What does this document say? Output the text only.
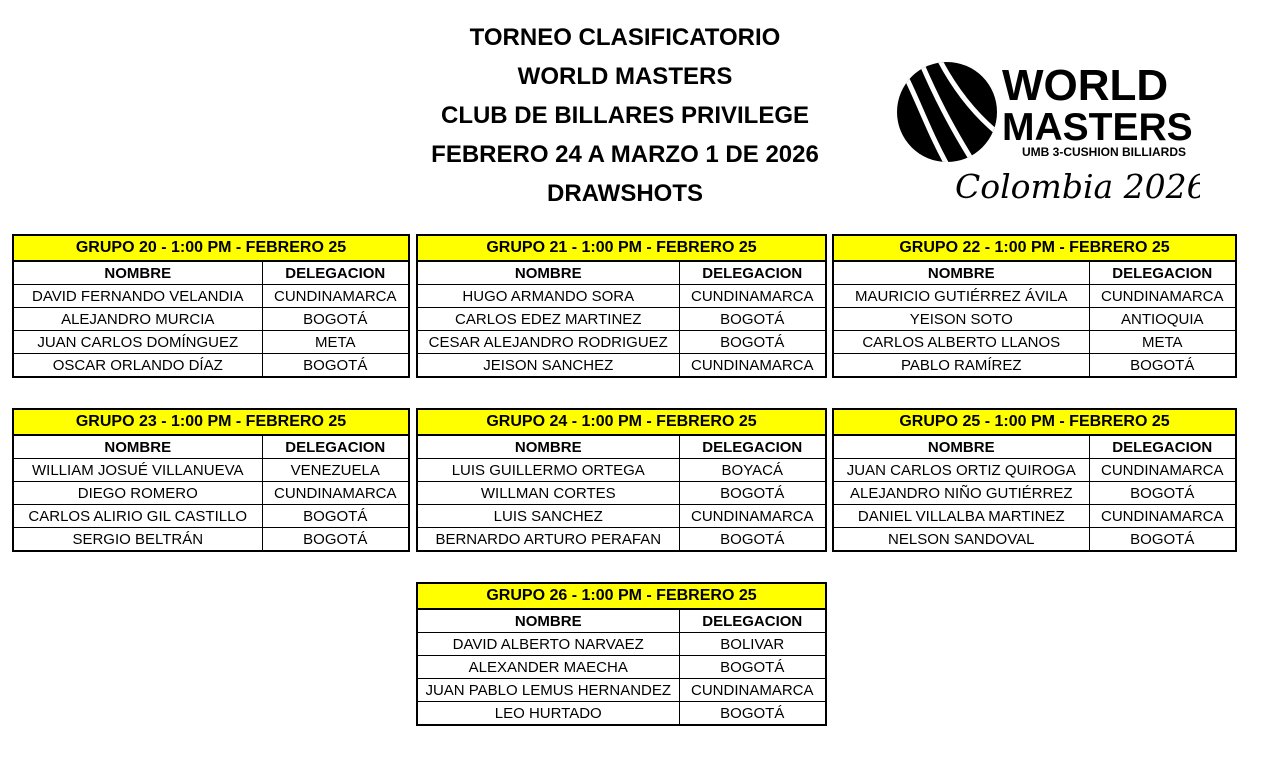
TORNEO CLASIFICATORIO
WORLD MASTERS
CLUB DE BILLARES PRIVILEGE
FEBRERO 24 A MARZO 1 DE 2026
DRAWSHOTS
WORLD
MASTERS
UMB 3-CUSHION BILLIARDS
Colombia 2026
GRUPO 20 - 1:00 PM - FEBRERO 25	
NOMBRE	DELEGACION
DAVID FERNANDO VELANDIA	CUNDINAMARCA
ALEJANDRO MURCIA	BOGOTÁ
JUAN CARLOS DOMÍNGUEZ	META
OSCAR ORLANDO DÍAZ	BOGOTÁ
GRUPO 21 - 1:00 PM - FEBRERO 25	
NOMBRE	DELEGACION
HUGO ARMANDO SORA	CUNDINAMARCA
CARLOS EDEZ MARTINEZ	BOGOTÁ
CESAR ALEJANDRO RODRIGUEZ	BOGOTÁ
JEISON SANCHEZ	CUNDINAMARCA
GRUPO 22 - 1:00 PM - FEBRERO 25	
NOMBRE	DELEGACION
MAURICIO GUTIÉRREZ ÁVILA	CUNDINAMARCA
YEISON SOTO	ANTIOQUIA
CARLOS ALBERTO LLANOS	META
PABLO RAMÍREZ	BOGOTÁ
GRUPO 23 - 1:00 PM - FEBRERO 25	
NOMBRE	DELEGACION
WILLIAM JOSUÉ VILLANUEVA	VENEZUELA
DIEGO ROMERO	CUNDINAMARCA
CARLOS ALIRIO GIL CASTILLO	BOGOTÁ
SERGIO BELTRÁN	BOGOTÁ
GRUPO 24 - 1:00 PM - FEBRERO 25	
NOMBRE	DELEGACION
LUIS GUILLERMO ORTEGA	BOYACÁ
WILLMAN CORTES	BOGOTÁ
LUIS SANCHEZ	CUNDINAMARCA
BERNARDO ARTURO PERAFAN	BOGOTÁ
GRUPO 25 - 1:00 PM - FEBRERO 25	
NOMBRE	DELEGACION
JUAN CARLOS ORTIZ QUIROGA	CUNDINAMARCA
ALEJANDRO NIÑO GUTIÉRREZ	BOGOTÁ
DANIEL VILLALBA MARTINEZ	CUNDINAMARCA
NELSON SANDOVAL	BOGOTÁ
GRUPO 26 - 1:00 PM - FEBRERO 25	
NOMBRE	DELEGACION
DAVID ALBERTO NARVAEZ	BOLIVAR
ALEXANDER MAECHA	BOGOTÁ
JUAN PABLO LEMUS HERNANDEZ	CUNDINAMARCA
LEO HURTADO	BOGOTÁ
